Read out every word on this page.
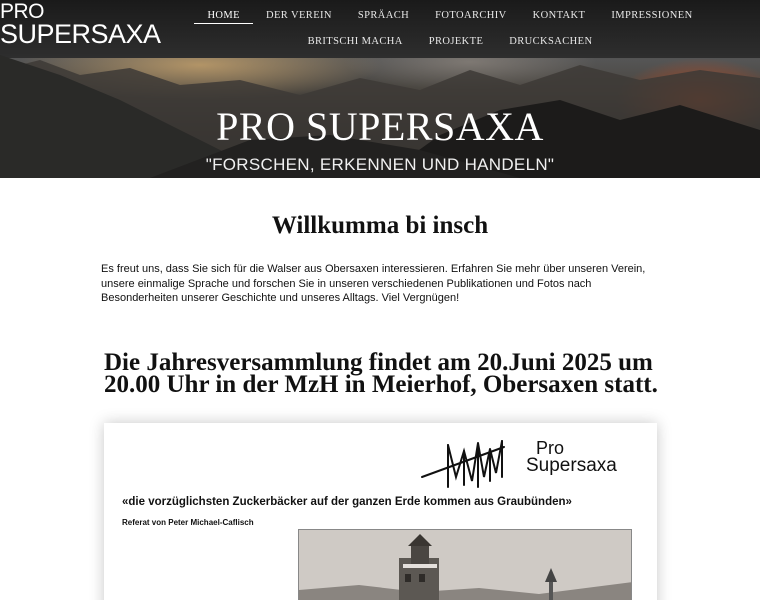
PRO
SUPERSAXA
HOME	DER VEREIN	SPRÄACH	FOTOARCHIV	KONTAKT	IMPRESSIONEN
BRITSCHI MACHA	PROJEKTE	DRUCKSACHEN
PRO SUPERSAXA
"FORSCHEN, ERKENNEN UND HANDELN"
Willkumma bi insch

Es freut uns, dass Sie sich für die Walser aus Obersaxen interessieren. Erfahren Sie mehr über unseren Verein, unsere einmalige Sprache und forschen Sie in unseren verschiedenen Publikationen und Fotos nach Besonderheiten unserer Geschichte und unseres Alltags. Viel Vergnügen!

Die Jahresversammlung findet am 20.Juni 2025 um 20.00 Uhr in der MzH in Meierhof, Obersaxen statt.
Pro
Supersaxa
«die vorzüglichsten Zuckerbäcker auf der ganzen Erde kommen aus Graubünden»
Referat von Peter Michael-Caflisch
